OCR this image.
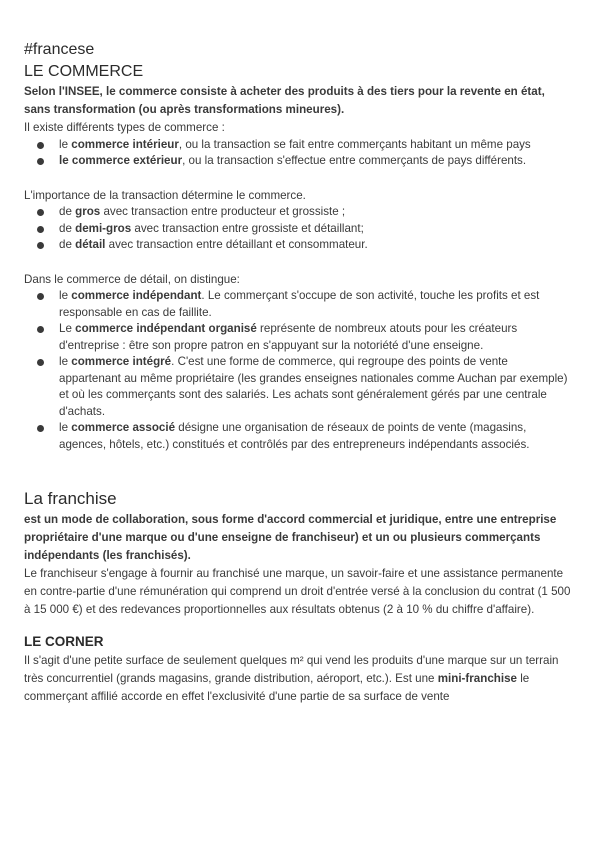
#francese
LE COMMERCE

Selon l'INSEE, le commerce consiste à acheter des produits à des tiers pour la revente en état, sans transformation (ou après transformations mineures).

Il existe différents types de commerce :

le commerce intérieur, ou la transaction se fait entre commerçants habitant un même pays
le commerce extérieur, ou la transaction s'effectue entre commerçants de pays différents.

L'importance de la transaction détermine le commerce.

de gros avec transaction entre producteur et grossiste ;
de demi-gros avec transaction entre grossiste et détaillant;
de détail avec transaction entre détaillant et consommateur.

Dans le commerce de détail, on distingue:

le commerce indépendant. Le commerçant s'occupe de son activité, touche les profits et est responsable en cas de faillite.
Le commerce indépendant organisé représente de nombreux atouts pour les créateurs d'entreprise : être son propre patron en s'appuyant sur la notoriété d'une enseigne.
le commerce intégré. C'est une forme de commerce, qui regroupe des points de vente appartenant au même propriétaire (les grandes enseignes nationales comme Auchan par exemple) et où les commerçants sont des salariés. Les achats sont généralement gérés par une centrale d'achats.
le commerce associé désigne une organisation de réseaux de points de vente (magasins, agences, hôtels, etc.) constitués et contrôlés par des entrepreneurs indépendants associés.
La franchise

est un mode de collaboration, sous forme d'accord commercial et juridique, entre une entreprise propriétaire d'une marque ou d'une enseigne de franchiseur) et un ou plusieurs commerçants indépendants (les franchisés).

Le franchiseur s'engage à fournir au franchisé une marque, un savoir-faire et une assistance permanente en contre-partie d'une rémunération qui comprend un droit d'entrée versé à la conclusion du contrat (1 500 à 15 000 €) et des redevances proportionnelles aux résultats obtenus (2 à 10 % du chiffre d'affaire).

LE CORNER

Il s'agit d'une petite surface de seulement quelques m² qui vend les produits d'une marque sur un terrain très concurrentiel (grands magasins, grande distribution, aéroport, etc.). Est une mini-franchise le commerçant affilié accorde en effet l'exclusivité d'une partie de sa surface de vente
